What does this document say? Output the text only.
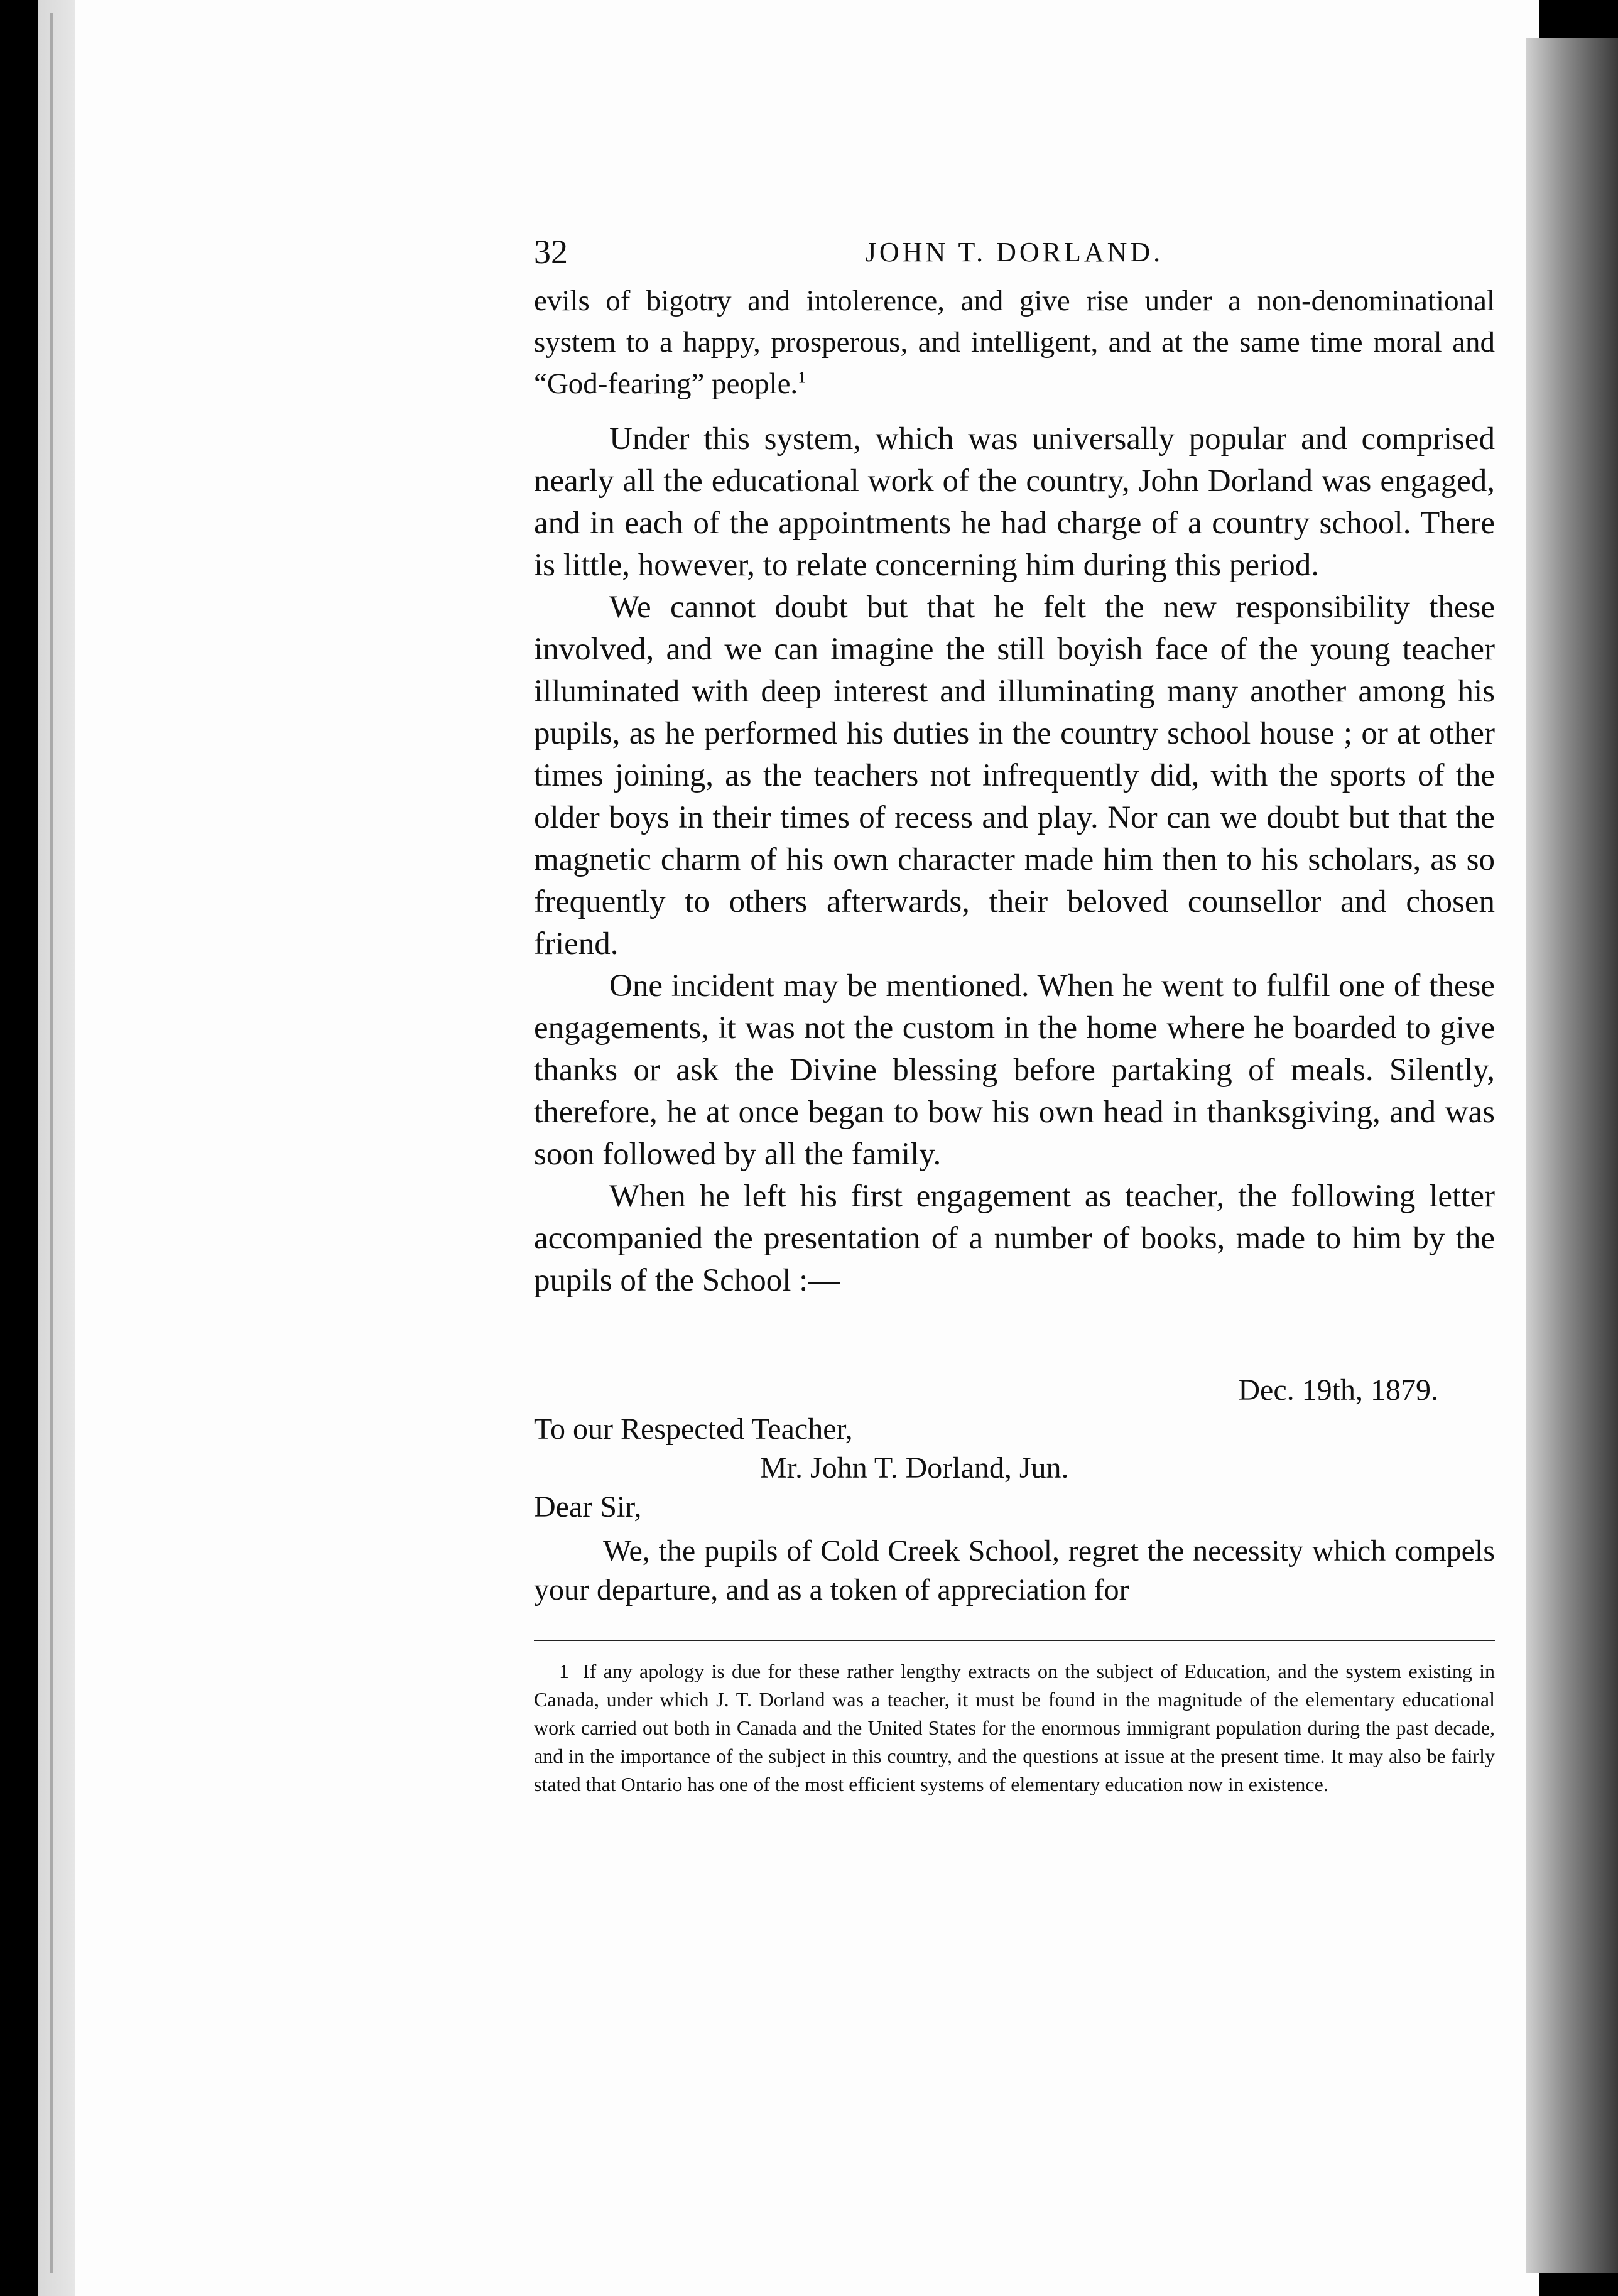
32	JOHN T. DORLAND.

evils of bigotry and intolerence, and give rise under a non-denominational system to a happy, prosperous, and intelligent, and at the same time moral and “God-fearing” people.$^1$

Under this system, which was universally popular and comprised nearly all the educational work of the country, John Dorland was engaged, and in each of the appointments he had charge of a country school. There is little, however, to relate concerning him during this period.

We cannot doubt but that he felt the new responsibility these involved, and we can imagine the still boyish face of the young teacher illuminated with deep interest and illuminating many another among his pupils, as he performed his duties in the country school house ; or at other times joining, as the teachers not infrequently did, with the sports of the older boys in their times of recess and play. Nor can we doubt but that the magnetic charm of his own character made him then to his scholars, as so frequently to others afterwards, their beloved counsellor and chosen friend.

One incident may be mentioned. When he went to fulfil one of these engagements, it was not the custom in the home where he boarded to give thanks or ask the Divine blessing before partaking of meals. Silently, therefore, he at once began to bow his own head in thanksgiving, and was soon followed by all the family.

When he left his first engagement as teacher, the following letter accompanied the presentation of a number of books, made to him by the pupils of the School :—

Dec. 19th, 1879.

To our Respected Teacher,

Mr. John T. Dorland, Jun.

Dear Sir,

We, the pupils of Cold Creek School, regret the necessity which compels your departure, and as a token of appreciation for

1 If any apology is due for these rather lengthy extracts on the subject of Education, and the system existing in Canada, under which J. T. Dorland was a teacher, it must be found in the magnitude of the elementary educational work carried out both in Canada and the United States for the enormous immigrant population during the past decade, and in the importance of the subject in this country, and the questions at issue at the present time. It may also be fairly stated that Ontario has one of the most efficient systems of elementary education now in existence.
